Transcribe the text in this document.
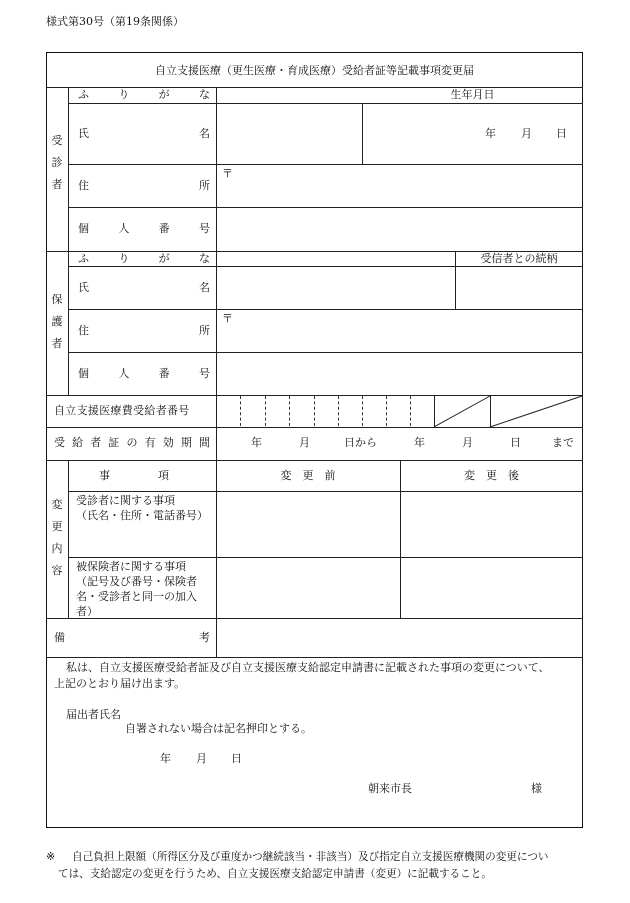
様式第30号（第19条関係）
自立支援医療（更生医療・育成医療）受給者証等記載事項変更届
受診者
ふ	り	が	な	生年月日
氏	名	年 月 日
住	所
〒
個	人	番	号
保護者
ふ	り	が	な	受信者との続柄
氏	名
住	所
〒
個	人	番	号
自立支援医療費受給者番号
受 給 者 証 の 有 効 期 間	年	月	日から	年	月	日	まで
変更内容
事	項	変　更　前	変　更　後
受診者に関する事項
（氏名・住所・電話番号）
被保険者に関する事項
（記号及び番号・保険者
名・受診者と同一の加入
者）
備	考
私は、自立支援医療受給者証及び自立支援医療支給認定申請書に記載された事項の変更について、
上記のとおり届け出ます。
届出者氏名
自署されない場合は記名押印とする。
年 月 日
朝来市長	様
※ 自己負担上限額（所得区分及び重度かつ継続該当・非該当）及び指定自立支援医療機関の変更につい
ては、支給認定の変更を行うため、自立支援医療支給認定申請書（変更）に記載すること。
